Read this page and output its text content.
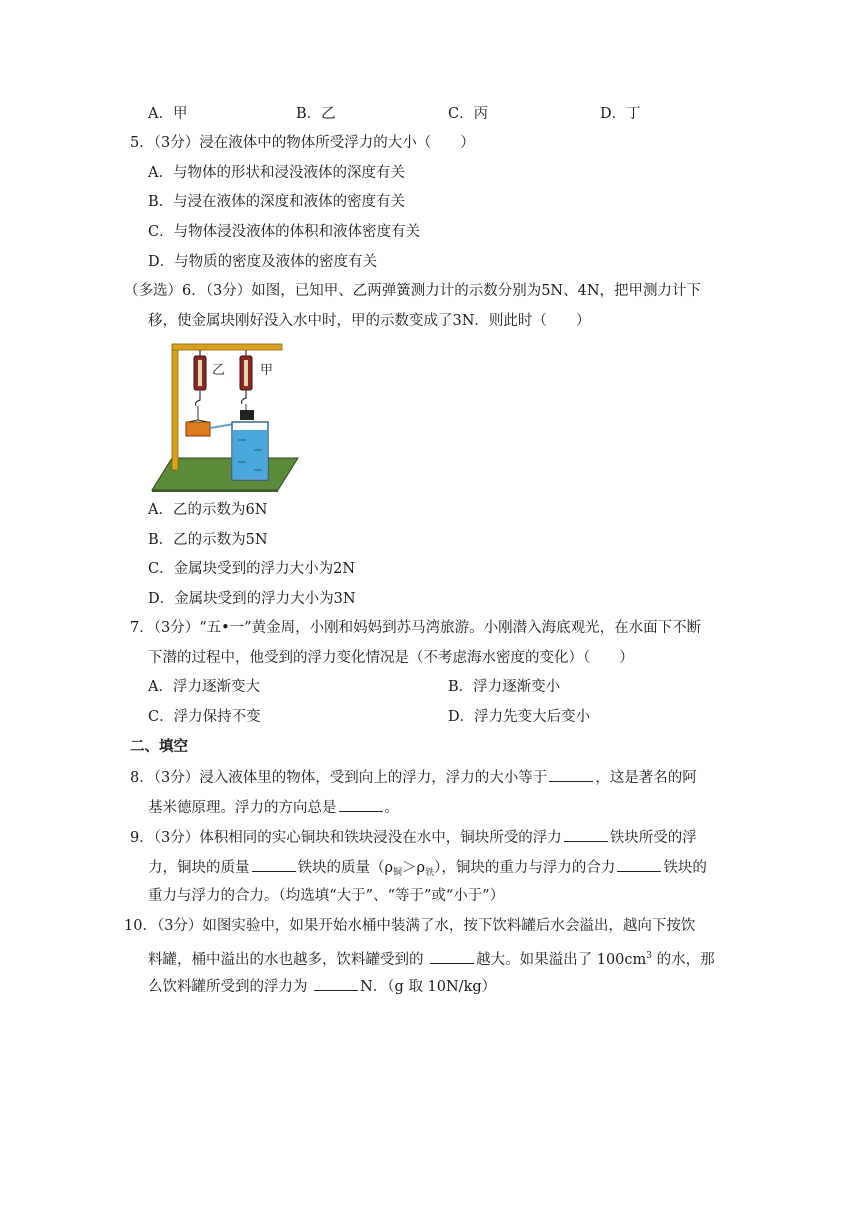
A．甲	B．乙	C．丙	D．丁
5．（3分）浸在液体中的物体所受浮力的大小（　　）
A．与物体的形状和浸没液体的深度有关
B．与浸在液体的深度和液体的密度有关
C．与物体浸没液体的体积和液体密度有关
D．与物质的密度及液体的密度有关
（多选）6．（3分）如图，已知甲、乙两弹簧测力计的示数分别为5N、4N，把甲测力计下
移，使金属块刚好没入水中时，甲的示数变成了3N．则此时（　　）
乙	甲
A．乙的示数为6N
B．乙的示数为5N
C．金属块受到的浮力大小为2N
D．金属块受到的浮力大小为3N
7．（3分）“五•一”黄金周，小刚和妈妈到苏马湾旅游。小刚潜入海底观光，在水面下不断
下潜的过程中，他受到的浮力变化情况是（不考虑海水密度的变化）（　　）
A．浮力逐渐变大	B．浮力逐渐变小
C．浮力保持不变	D．浮力先变大后变小
二、填空
8．（3分）浸入液体里的物体，受到向上的浮力，浮力的大小等于	，这是著名的阿
基米德原理。浮力的方向总是	。
9．（3分）体积相同的实心铜块和铁块浸没在水中，铜块所受的浮力	铁块所受的浮
力，铜块的质量	铁块的质量$(\rho_铜>\rho_铁)$，铜块的重力与浮力的合力	铁块的
重力与浮力的合力。（均选填“大于”、“等于”或“小于”）
10．（3分）如图实验中，如果开始水桶中装满了水，按下饮料罐后水会溢出，越向下按饮
料罐，桶中溢出的水也越多，饮料罐受到的	越大。如果溢出了 $100cm^3$ 的水，那
么饮料罐所受到的浮力为	N．（g 取 10N/kg）
